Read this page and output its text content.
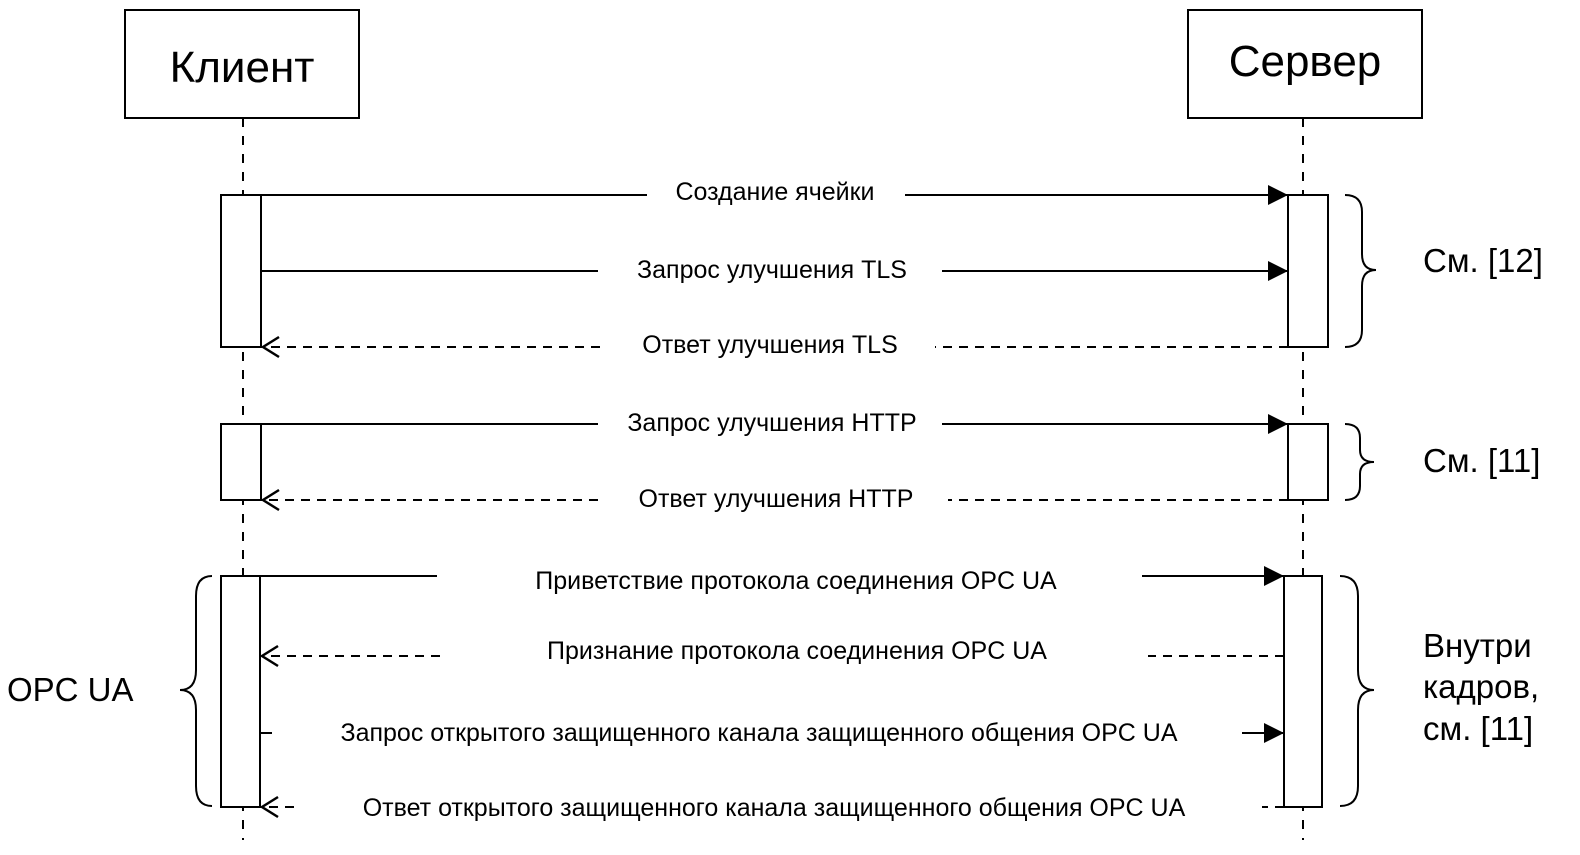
Клиент	Сервер
Создание ячейки
Запрос улучшения TLS
Ответ улучшения TLS
Запрос улучшения HTTP
Ответ улучшения HTTP
Приветствие протокола соединения OPC UA
Признание протокола соединения OPC UA
Запрос открытого защищенного канала защищенного общения OPC UA
Ответ открытого защищенного канала защищенного общения OPC UA
См. [12]
См. [11]
Внутри
кадров,
см. [11]
OPC UA
